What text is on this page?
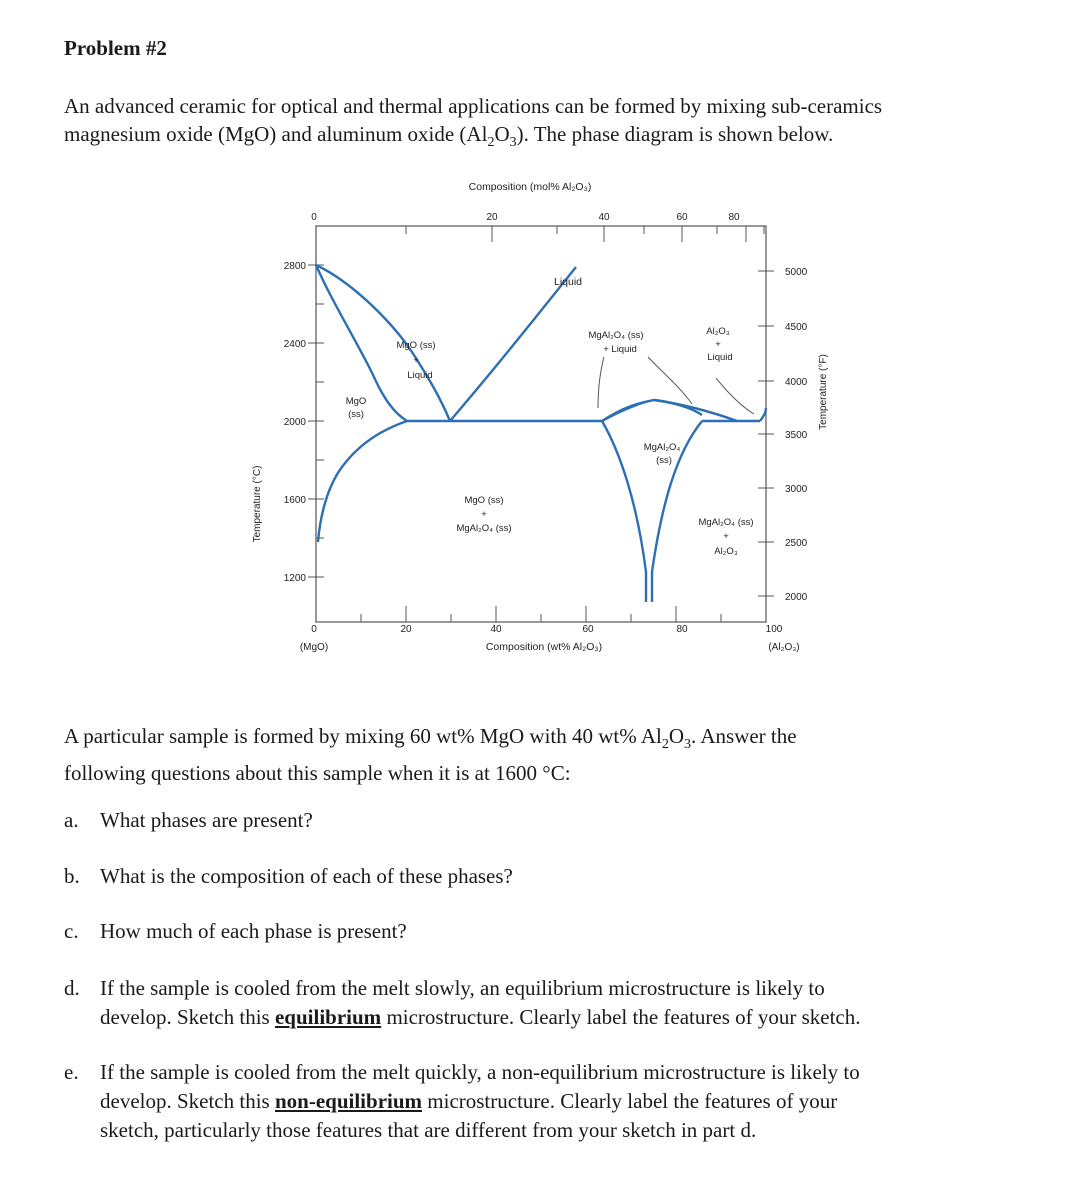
Problem #2
An advanced ceramic for optical and thermal applications can be formed by mixing sub-ceramics
magnesium oxide (MgO) and aluminum oxide $(Al_2O_3)$. The phase diagram is shown below.
Composition (mol% Al₂O₃)
0	20	40	60	80
Temperature (°C)
2800
2400
2000
1600
1200
Temperature (°F)
5000
4500
4000
3500
3000
2500
2000
0	20	40	60	80	100
(MgO)	(Al₂O₃)
Composition (wt% Al₂O₃)
Liquid
MgO (ss)
+
Liquid
MgO
(ss)
MgAl₂O₄ (ss)
+ Liquid
Al₂O₃
+
Liquid
MgAl₂O₄
(ss)
MgO (ss)
+
MgAl₂O₄ (ss)
MgAl₂O₄ (ss)
+
Al₂O₃
A particular sample is formed by mixing 60 wt% MgO with 40 wt% $Al_2O_3$. Answer the
following questions about this sample when it is at 1600 °C:
a. What phases are present?
b. What is the composition of each of these phases?
c. How much of each phase is present?
d. If the sample is cooled from the melt slowly, an equilibrium microstructure is likely to
develop. Sketch this equilibrium microstructure. Clearly label the features of your sketch.
e. If the sample is cooled from the melt quickly, a non-equilibrium microstructure is likely to
develop. Sketch this non-equilibrium microstructure. Clearly label the features of your
sketch, particularly those features that are different from your sketch in part d.
